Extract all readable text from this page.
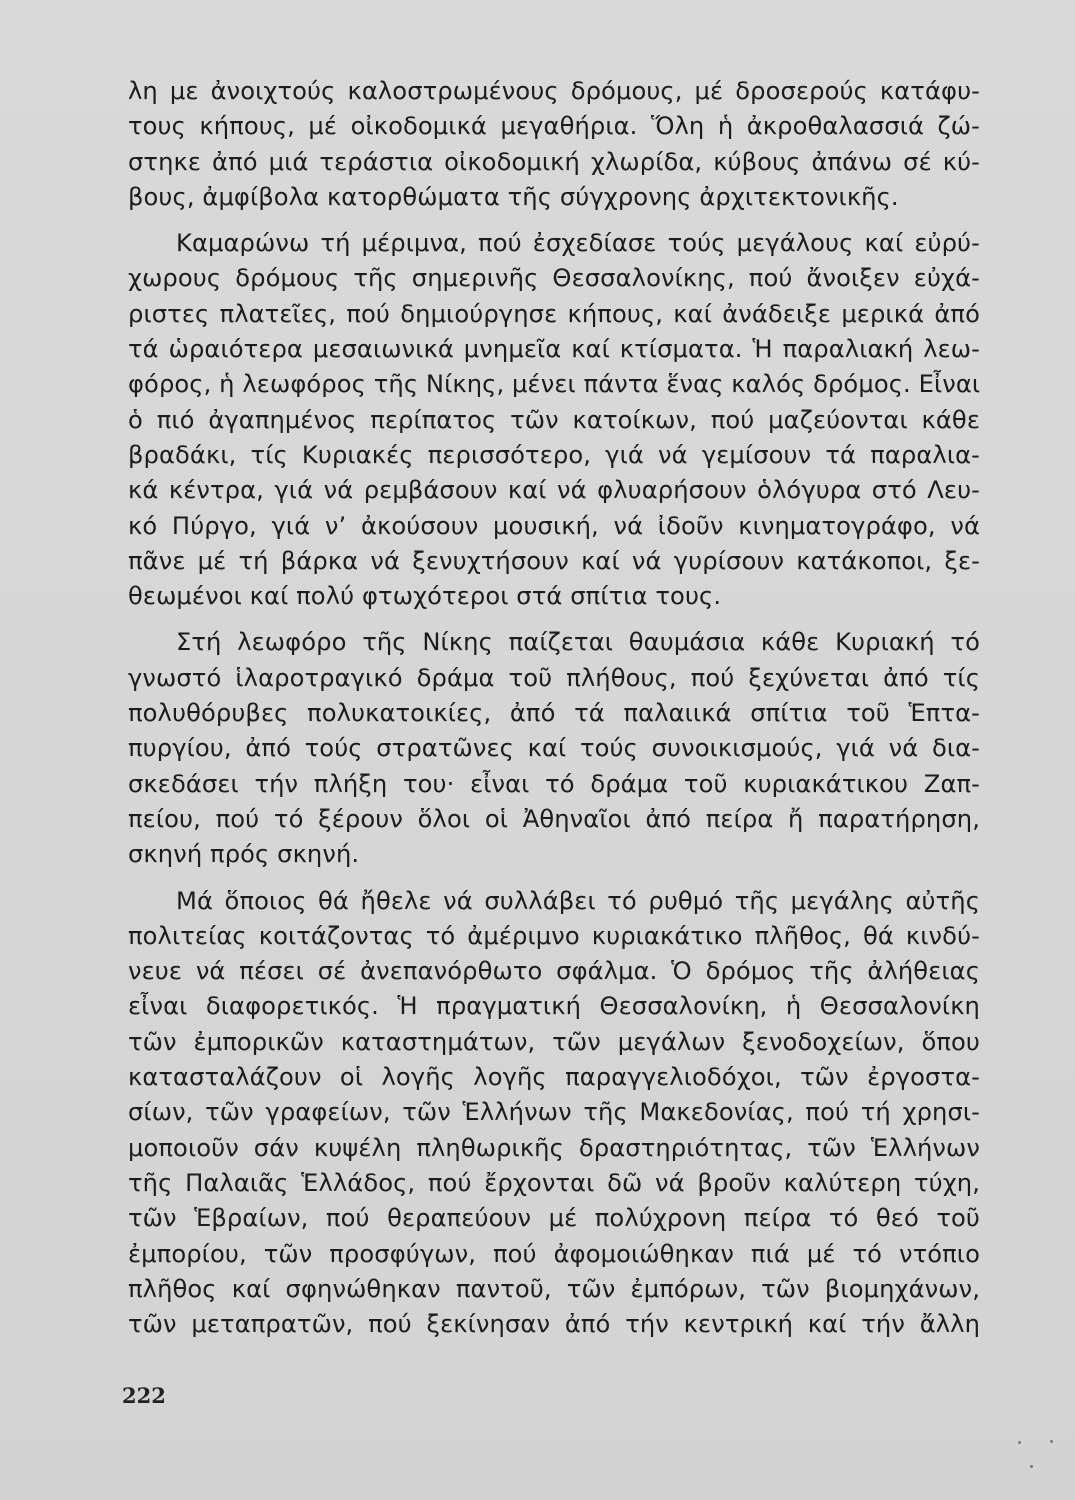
λη με ἀνοιχτούς καλοστρωμένους δρόμους, μέ δροσερούς κατάφυ-
τους κήπους, μέ οἰκοδομικά μεγαθήρια. Ὅλη ἡ ἀκροθαλασσιά ζώ-
στηκε ἀπό μιά τεράστια οἰκοδομική χλωρίδα, κύβους ἀπάνω σέ κύ-
βους, ἀμφίβολα κατορθώματα τῆς σύγχρονης ἀρχιτεκτονικῆς.
Καμαρώνω τή μέριμνα, πού ἐσχεδίασε τούς μεγάλους καί εὐρύ-
χωρους δρόμους τῆς σημερινῆς Θεσσαλονίκης, πού ἄνοιξεν εὐχά-
ριστες πλατεῖες, πού δημιούργησε κήπους, καί ἀνάδειξε μερικά ἀπό
τά ὡραιότερα μεσαιωνικά μνημεῖα καί κτίσματα. Ἡ παραλιακή λεω-
φόρος, ἡ λεωφόρος τῆς Νίκης, μένει πάντα ἕνας καλός δρόμος. Εἶναι
ὁ πιό ἀγαπημένος περίπατος τῶν κατοίκων, πού μαζεύονται κάθε
βραδάκι, τίς Κυριακές περισσότερο, γιά νά γεμίσουν τά παραλια-
κά κέντρα, γιά νά ρεμβάσουν καί νά φλυαρήσουν ὁλόγυρα στό Λευ-
κό Πύργο, γιά ν’ ἀκούσουν μουσική, νά ἰδοῦν κινηματογράφο, νά
πᾶνε μέ τή βάρκα νά ξενυχτήσουν καί νά γυρίσουν κατάκοποι, ξε-
θεωμένοι καί πολύ φτωχότεροι στά σπίτια τους.
Στή λεωφόρο τῆς Νίκης παίζεται θαυμάσια κάθε Κυριακή τό
γνωστό ἱλαροτραγικό δράμα τοῦ πλήθους, πού ξεχύνεται ἀπό τίς
πολυθόρυβες πολυκατοικίες, ἀπό τά παλαιικά σπίτια τοῦ Ἑπτα-
πυργίου, ἀπό τούς στρατῶνες καί τούς συνοικισμούς, γιά νά δια-
σκεδάσει τήν πλήξη του· εἶναι τό δράμα τοῦ κυριακάτικου Ζαπ-
πείου, πού τό ξέρουν ὅλοι οἱ Ἀθηναῖοι ἀπό πείρα ἤ παρατήρηση,
σκηνή πρός σκηνή.
Μά ὅποιος θά ἤθελε νά συλλάβει τό ρυθμό τῆς μεγάλης αὐτῆς
πολιτείας κοιτάζοντας τό ἀμέριμνο κυριακάτικο πλῆθος, θά κινδύ-
νευε νά πέσει σέ ἀνεπανόρθωτο σφάλμα. Ὁ δρόμος τῆς ἀλήθειας
εἶναι διαφορετικός. Ἡ πραγματική Θεσσαλονίκη, ἡ Θεσσαλονίκη
τῶν ἐμπορικῶν καταστημάτων, τῶν μεγάλων ξενοδοχείων, ὅπου
κατασταλάζουν οἱ λογῆς λογῆς παραγγελιοδόχοι, τῶν ἐργοστα-
σίων, τῶν γραφείων, τῶν Ἑλλήνων τῆς Μακεδονίας, πού τή χρησι-
μοποιοῦν σάν κυψέλη πληθωρικῆς δραστηριότητας, τῶν Ἑλλήνων
τῆς Παλαιᾶς Ἑλλάδος, πού ἔρχονται δῶ νά βροῦν καλύτερη τύχη,
τῶν Ἑβραίων, πού θεραπεύουν μέ πολύχρονη πείρα τό θεό τοῦ
ἐμπορίου, τῶν προσφύγων, πού ἀφομοιώθηκαν πιά μέ τό ντόπιο
πλῆθος καί σφηνώθηκαν παντοῦ, τῶν ἐμπόρων, τῶν βιομηχάνων,
τῶν μεταπρατῶν, πού ξεκίνησαν ἀπό τήν κεντρική καί τήν ἄλλη
222
